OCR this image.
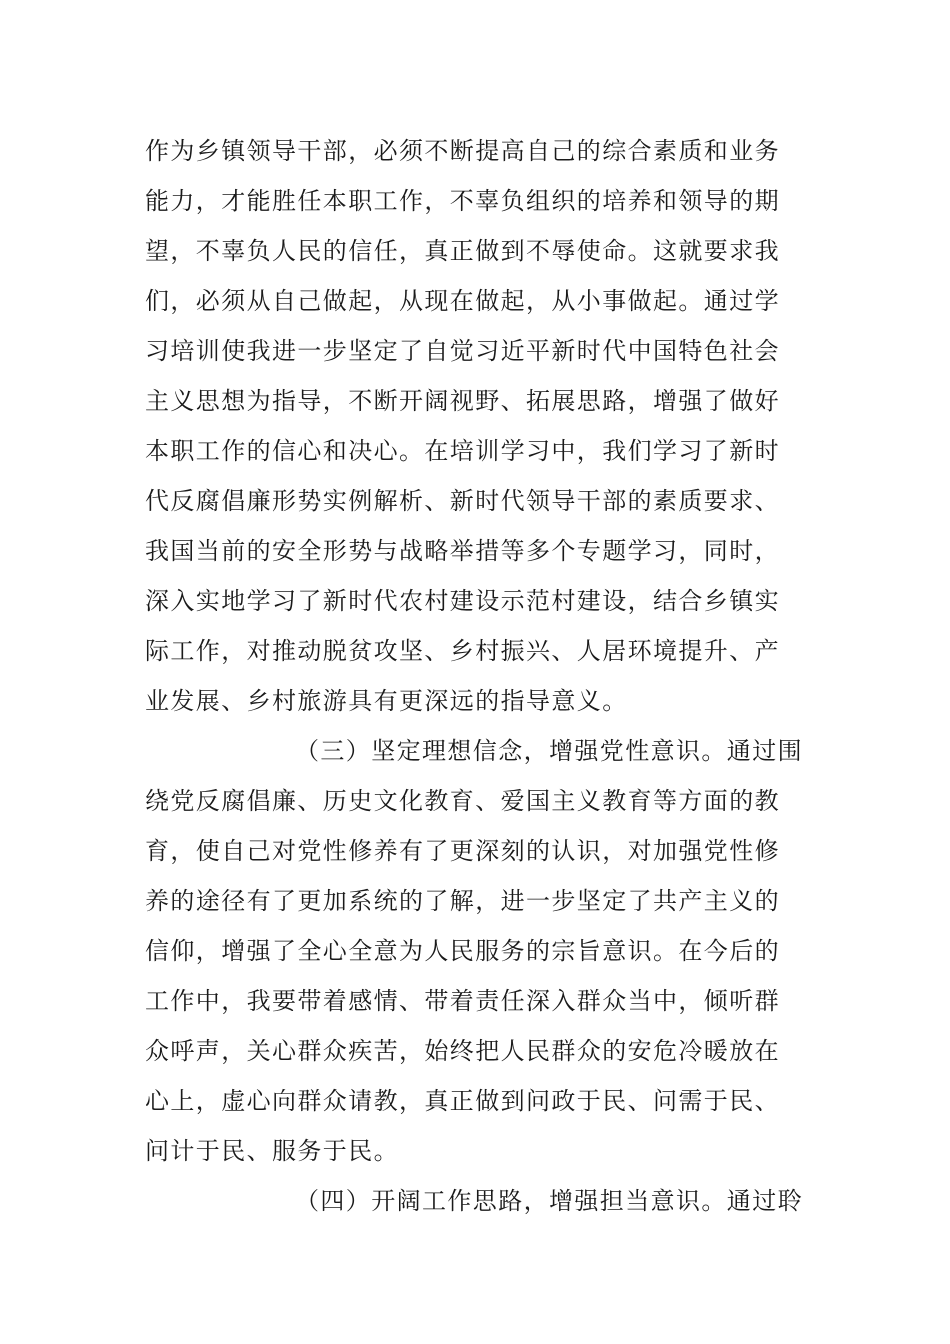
作为乡镇领导干部，必须不断提高自己的综合素质和业务
能力，才能胜任本职工作，不辜负组织的培养和领导的期
望，不辜负人民的信任，真正做到不辱使命。这就要求我
们，必须从自己做起，从现在做起，从小事做起。通过学
习培训使我进一步坚定了自觉习近平新时代中国特色社会
主义思想为指导，不断开阔视野、拓展思路，增强了做好
本职工作的信心和决心。在培训学习中，我们学习了新时
代反腐倡廉形势实例解析、新时代领导干部的素质要求、
我国当前的安全形势与战略举措等多个专题学习，同时，
深入实地学习了新时代农村建设示范村建设，结合乡镇实
际工作，对推动脱贫攻坚、乡村振兴、人居环境提升、产
业发展、乡村旅游具有更深远的指导意义。
（三）坚定理想信念，增强党性意识。通过围
绕党反腐倡廉、历史文化教育、爱国主义教育等方面的教
育，使自己对党性修养有了更深刻的认识，对加强党性修
养的途径有了更加系统的了解，进一步坚定了共产主义的
信仰，增强了全心全意为人民服务的宗旨意识。在今后的
工作中，我要带着感情、带着责任深入群众当中，倾听群
众呼声，关心群众疾苦，始终把人民群众的安危冷暖放在
心上，虚心向群众请教，真正做到问政于民、问需于民、
问计于民、服务于民。
（四）开阔工作思路，增强担当意识。通过聆
